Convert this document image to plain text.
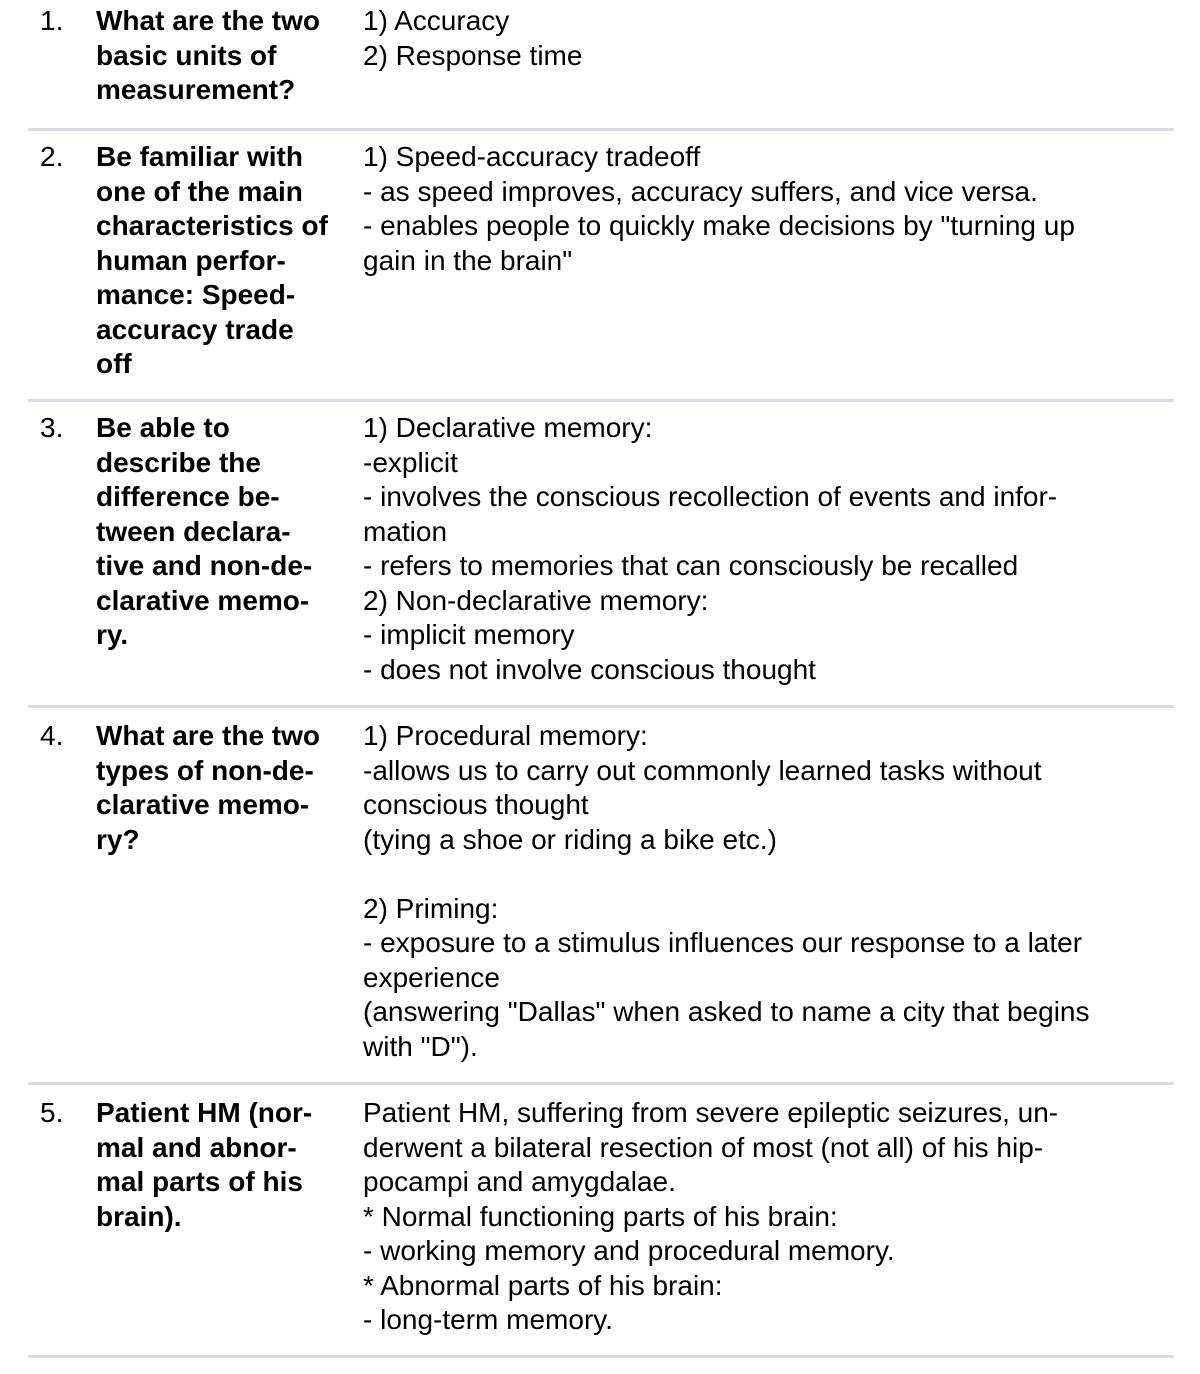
1. What are the two
basic units of
measurement?
1) Accuracy
2) Response time
2. Be familiar with
one of the main
characteristics of
human perfor-
mance: Speed-
accuracy trade
off
1) Speed-accuracy tradeoff
- as speed improves, accuracy suffers, and vice versa.
- enables people to quickly make decisions by "turning up
gain in the brain"
3. Be able to
describe the
difference be-
tween declara-
tive and non-de-
clarative memo-
ry.
1) Declarative memory:
-explicit
- involves the conscious recollection of events and infor-
mation
- refers to memories that can consciously be recalled
2) Non-declarative memory:
- implicit memory
- does not involve conscious thought
4. What are the two
types of non-de-
clarative memo-
ry?
1) Procedural memory:
-allows us to carry out commonly learned tasks without
conscious thought
(tying a shoe or riding a bike etc.)
2) Priming:
- exposure to a stimulus influences our response to a later
experience
(answering "Dallas" when asked to name a city that begins
with "D").
5. Patient HM (nor-
mal and abnor-
mal parts of his
brain).
Patient HM, suffering from severe epileptic seizures, un-
derwent a bilateral resection of most (not all) of his hip-
pocampi and amygdalae.
* Normal functioning parts of his brain:
- working memory and procedural memory.
* Abnormal parts of his brain:
- long-term memory.
